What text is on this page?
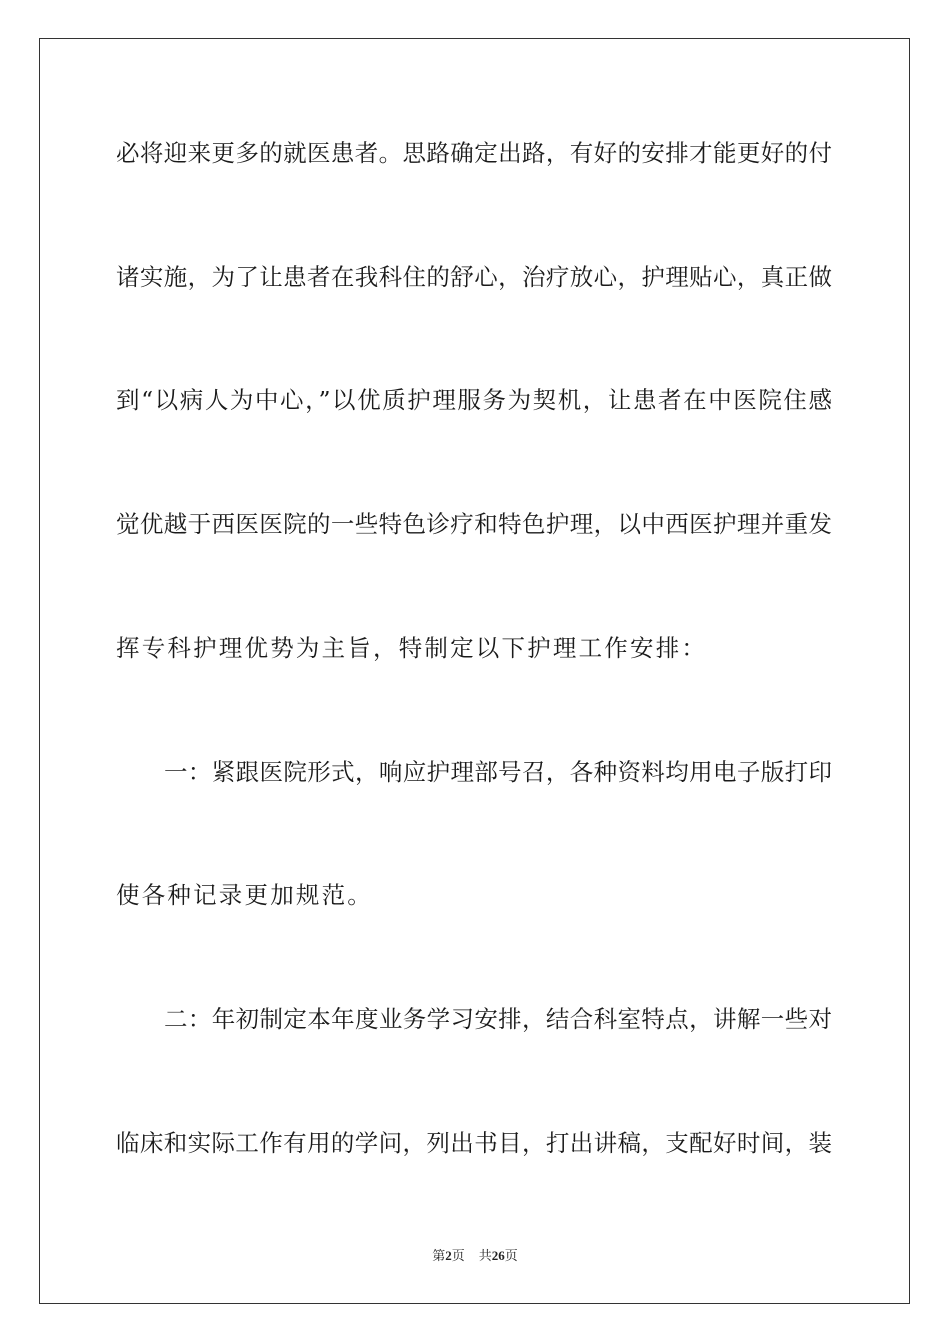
必将迎来更多的就医患者。思路确定出路，有好的安排才能更好的付
诸实施，为了让患者在我科住的舒心，治疗放心，护理贴心，真正做
到“以病人为中心，”以优质护理服务为契机，让患者在中医院住感
觉优越于西医医院的一些特色诊疗和特色护理，以中西医护理并重发
挥专科护理优势为主旨，特制定以下护理工作安排：
一：紧跟医院形式，响应护理部号召，各种资料均用电子版打印
使各种记录更加规范。
二：年初制定本年度业务学习安排，结合科室特点，讲解一些对
临床和实际工作有用的学问，列出书目，打出讲稿，支配好时间，装
第2页 共26页
